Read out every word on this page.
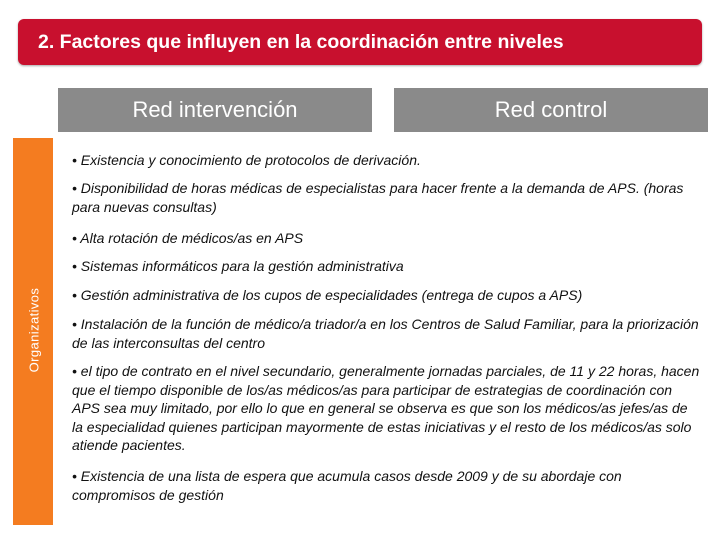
2. Factores que influyen en la coordinación entre niveles
Red intervención	Red control
Organizativos
• Existencia y conocimiento de protocolos de derivación.
• Disponibilidad de horas médicas de especialistas para hacer frente a la demanda de APS. (horas para nuevas consultas)
• Alta rotación de médicos/as en APS
• Sistemas informáticos para la gestión administrativa
• Gestión administrativa de los cupos de especialidades (entrega de cupos a APS)
• Instalación de la función de médico/a triador/a en los Centros de Salud Familiar, para la priorización de las interconsultas del centro
• el tipo de contrato en el nivel secundario, generalmente jornadas parciales, de 11 y 22 horas, hacen que el tiempo disponible de los/as médicos/as para participar de estrategias de coordinación con APS sea muy limitado, por ello lo que en general se observa es que son los médicos/as jefes/as de la especialidad quienes participan mayormente de estas iniciativas y el resto de los médicos/as solo atiende pacientes.
• Existencia de una lista de espera que acumula casos desde 2009 y de su abordaje con compromisos de gestión
